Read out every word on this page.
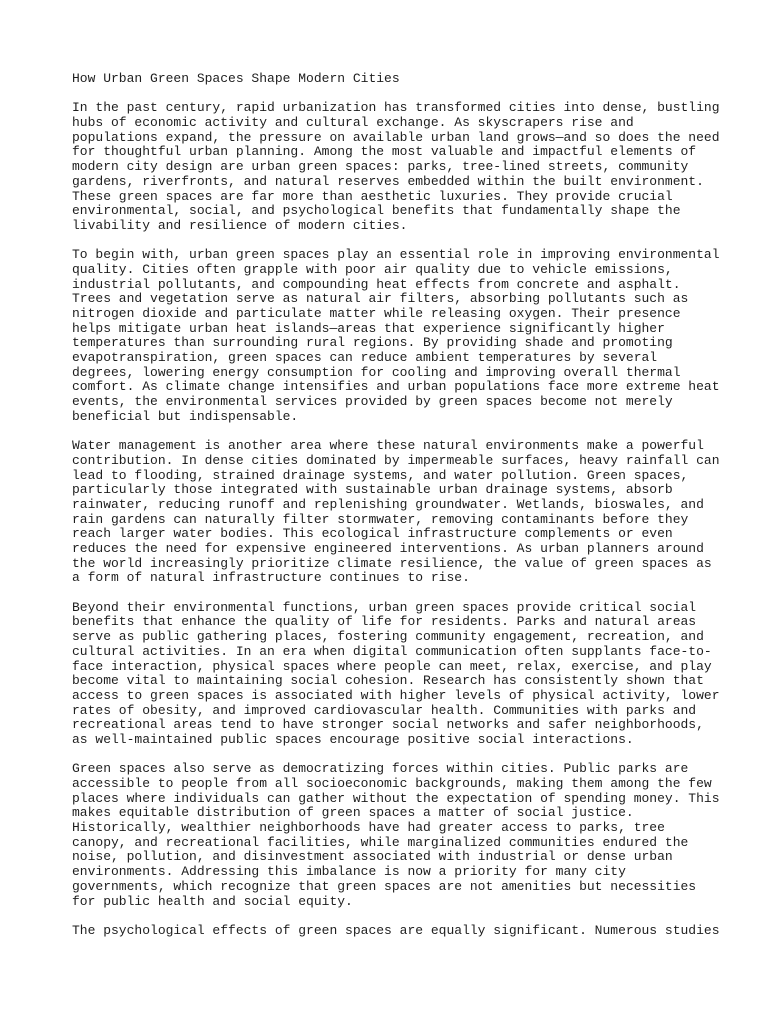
How Urban Green Spaces Shape Modern Cities
In the past century, rapid urbanization has transformed cities into dense, bustling
hubs of economic activity and cultural exchange. As skyscrapers rise and
populations expand, the pressure on available urban land grows—and so does the need
for thoughtful urban planning. Among the most valuable and impactful elements of
modern city design are urban green spaces: parks, tree-lined streets, community
gardens, riverfronts, and natural reserves embedded within the built environment.
These green spaces are far more than aesthetic luxuries. They provide crucial
environmental, social, and psychological benefits that fundamentally shape the
livability and resilience of modern cities.
To begin with, urban green spaces play an essential role in improving environmental
quality. Cities often grapple with poor air quality due to vehicle emissions,
industrial pollutants, and compounding heat effects from concrete and asphalt.
Trees and vegetation serve as natural air filters, absorbing pollutants such as
nitrogen dioxide and particulate matter while releasing oxygen. Their presence
helps mitigate urban heat islands—areas that experience significantly higher
temperatures than surrounding rural regions. By providing shade and promoting
evapotranspiration, green spaces can reduce ambient temperatures by several
degrees, lowering energy consumption for cooling and improving overall thermal
comfort. As climate change intensifies and urban populations face more extreme heat
events, the environmental services provided by green spaces become not merely
beneficial but indispensable.
Water management is another area where these natural environments make a powerful
contribution. In dense cities dominated by impermeable surfaces, heavy rainfall can
lead to flooding, strained drainage systems, and water pollution. Green spaces,
particularly those integrated with sustainable urban drainage systems, absorb
rainwater, reducing runoff and replenishing groundwater. Wetlands, bioswales, and
rain gardens can naturally filter stormwater, removing contaminants before they
reach larger water bodies. This ecological infrastructure complements or even
reduces the need for expensive engineered interventions. As urban planners around
the world increasingly prioritize climate resilience, the value of green spaces as
a form of natural infrastructure continues to rise.
Beyond their environmental functions, urban green spaces provide critical social
benefits that enhance the quality of life for residents. Parks and natural areas
serve as public gathering places, fostering community engagement, recreation, and
cultural activities. In an era when digital communication often supplants face-to-
face interaction, physical spaces where people can meet, relax, exercise, and play
become vital to maintaining social cohesion. Research has consistently shown that
access to green spaces is associated with higher levels of physical activity, lower
rates of obesity, and improved cardiovascular health. Communities with parks and
recreational areas tend to have stronger social networks and safer neighborhoods,
as well-maintained public spaces encourage positive social interactions.
Green spaces also serve as democratizing forces within cities. Public parks are
accessible to people from all socioeconomic backgrounds, making them among the few
places where individuals can gather without the expectation of spending money. This
makes equitable distribution of green spaces a matter of social justice.
Historically, wealthier neighborhoods have had greater access to parks, tree
canopy, and recreational facilities, while marginalized communities endured the
noise, pollution, and disinvestment associated with industrial or dense urban
environments. Addressing this imbalance is now a priority for many city
governments, which recognize that green spaces are not amenities but necessities
for public health and social equity.
The psychological effects of green spaces are equally significant. Numerous studies
